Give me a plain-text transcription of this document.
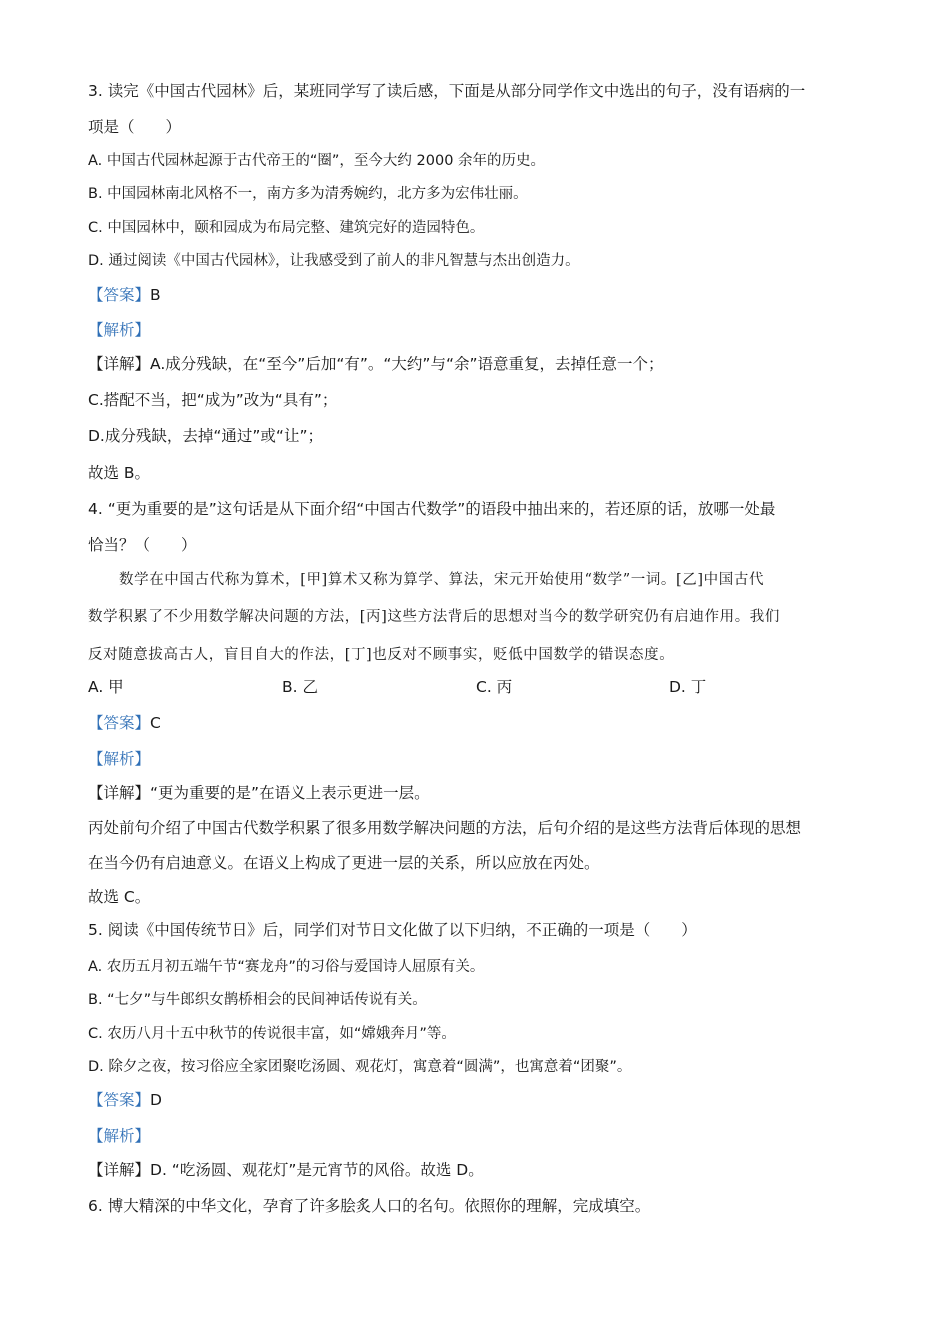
3. 读完《中国古代园林》后，某班同学写了读后感，下面是从部分同学作文中选出的句子，没有语病的一
项是（　　）
A. 中国古代园林起源于古代帝王的“圈”，至今大约 2000 余年的历史。
B. 中国园林南北风格不一，南方多为清秀婉约，北方多为宏伟壮丽。
C. 中国园林中，颐和园成为布局完整、建筑完好的造园特色。
D. 通过阅读《中国古代园林》，让我感受到了前人的非凡智慧与杰出创造力。
【答案】B
【解析】
【详解】A.成分残缺，在“至今”后加“有”。“大约”与“余”语意重复，去掉任意一个；
C.搭配不当，把“成为”改为“具有”；
D.成分残缺，去掉“通过”或“让”；
故选 B。
4. “更为重要的是”这句话是从下面介绍“中国古代数学”的语段中抽出来的，若还原的话，放哪一处最
恰当？（　　）
数学在中国古代称为算术，[甲]算术又称为算学、算法，宋元开始使用“数学”一词。[乙]中国古代
数学积累了不少用数学解决问题的方法，[丙]这些方法背后的思想对当今的数学研究仍有启迪作用。我们
反对随意拔高古人，盲目自大的作法，[丁]也反对不顾事实，贬低中国数学的错误态度。
A. 甲	B. 乙	C. 丙	D. 丁
【答案】C
【解析】
【详解】“更为重要的是”在语义上表示更进一层。
丙处前句介绍了中国古代数学积累了很多用数学解决问题的方法，后句介绍的是这些方法背后体现的思想
在当今仍有启迪意义。在语义上构成了更进一层的关系，所以应放在丙处。
故选 C。
5. 阅读《中国传统节日》后，同学们对节日文化做了以下归纳，不正确的一项是（　　）
A. 农历五月初五端午节“赛龙舟”的习俗与爱国诗人屈原有关。
B. “七夕”与牛郎织女鹊桥相会的民间神话传说有关。
C. 农历八月十五中秋节的传说很丰富，如“嫦娥奔月”等。
D. 除夕之夜，按习俗应全家团聚吃汤圆、观花灯，寓意着“圆满”，也寓意着“团聚”。
【答案】D
【解析】
【详解】D. “吃汤圆、观花灯”是元宵节的风俗。故选 D。
6. 博大精深的中华文化，孕育了许多脍炙人口的名句。依照你的理解，完成填空。
